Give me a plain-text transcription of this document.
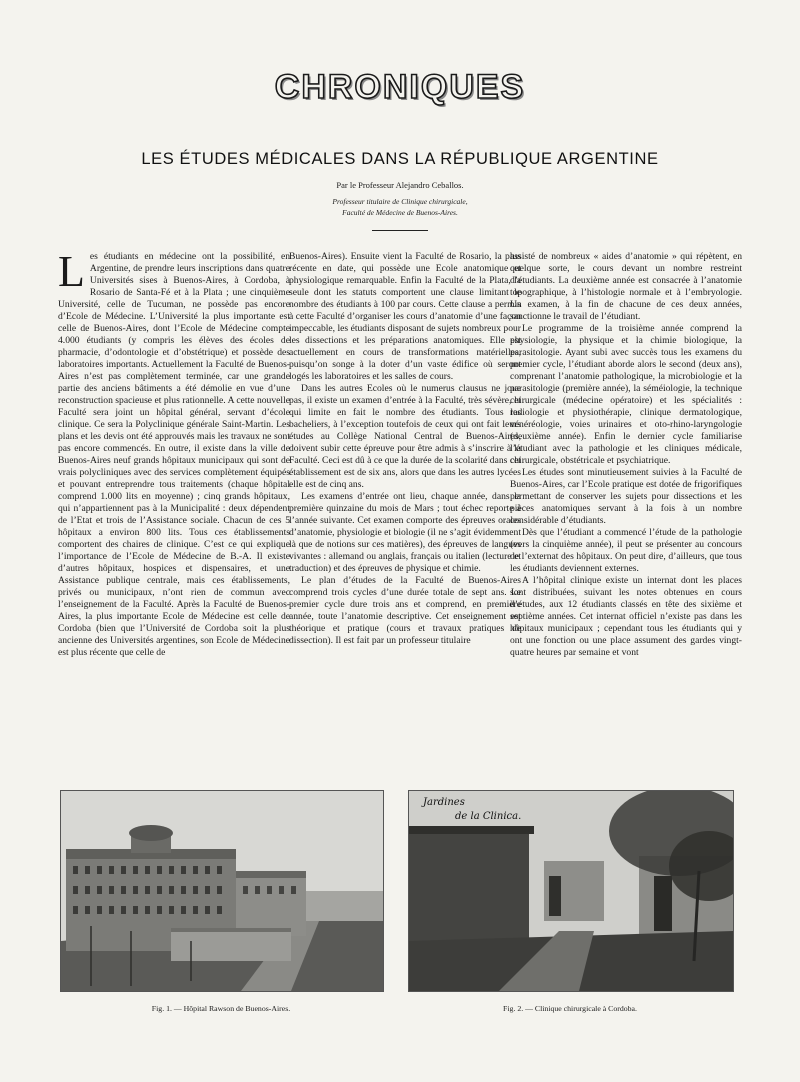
CHRONIQUES
LES ÉTUDES MÉDICALES DANS LA RÉPUBLIQUE ARGENTINE
Par le Professeur Alejandro Ceballos.
Professeur titulaire de Clinique chirurgicale,
Faculté de Médecine de Buenos-Aires.

L es étudiants en médecine ont la possibilité, en Argentine, de prendre leurs inscriptions dans quatre Universités sises à Buenos-Aires, à Cordoba, à Rosario de Santa-Fé et à la Plata ; une cinquième Université, celle de Tucuman, ne possède pas encore d’Ecole de Médecine. L’Université la plus importante est celle de Buenos-Aires, dont l’Ecole de Médecine compte 4.000 étudiants (y compris les élèves des écoles de pharmacie, d’odontologie et d’obstétrique) et possède des laboratoires importants. Actuellement la Faculté de Buenos-Aires n’est pas complètement terminée, car une grande partie des anciens bâtiments a été démolie en vue d’une reconstruction spacieuse et plus rationnelle. A cette nouvelle Faculté sera joint un hôpital général, servant d’école clinique. Ce sera la Polyclinique générale Saint-Martin. Les plans et les devis ont été approuvés mais les travaux ne sont pas encore commencés. En outre, il existe dans la ville de Buenos-Aires neuf grands hôpitaux municipaux qui sont de vrais polycliniques avec des services complètement équipés et pouvant entreprendre tous traitements (chaque hôpital comprend 1.000 lits en moyenne) ; cinq grands hôpitaux, qui n’appartiennent pas à la Municipalité : deux dépendent de l’Etat et trois de l’Assistance sociale. Chacun de ces 5 hôpitaux a environ 800 lits. Tous ces établissements comportent des chaires de clinique. C’est ce qui explique l’importance de l’Ecole de Médecine de B.-A. Il existe d’autres hôpitaux, hospices et dispensaires, et une Assistance publique centrale, mais ces établissements, privés ou municipaux, n’ont rien de commun avec l’enseignement de la Faculté. Après la Faculté de Buenos-Aires, la plus importante Ecole de Médecine est celle de Cordoba (bien que l’Université de Cordoba soit la plus ancienne des Universités argentines, son Ecole de Médecine est plus récente que celle de

Buenos-Aires). Ensuite vient la Faculté de Rosario, la plus récente en date, qui possède une Ecole anatomique et physiologique remarquable. Enfin la Faculté de la Plata, la seule dont les statuts comportent une clause limitant le nombre des étudiants à 100 par cours. Cette clause a permis à cette Faculté d’organiser les cours d’anatomie d’une façon impeccable, les étudiants disposant de sujets nombreux pour les dissections et les préparations anatomiques. Elle est actuellement en cours de transformations matérielles, puisqu’on songe à la doter d’un vaste édifice où seront logés les laboratoires et les salles de cours.

Dans les autres Ecoles où le numerus clausus ne joue pas, il existe un examen d’entrée à la Faculté, très sévère, et qui limite en fait le nombre des étudiants. Tous les bacheliers, à l’exception toutefois de ceux qui ont fait leurs études au Collège National Central de Buenos-Aires, doivent subir cette épreuve pour être admis à s’inscrire à la Faculté. Ceci est dû à ce que la durée de la scolarité dans cet établissement est de six ans, alors que dans les autres lycées elle est de cinq ans.

Les examens d’entrée ont lieu, chaque année, dans la première quinzaine du mois de Mars ; tout échec reporte à l’année suivante. Cet examen comporte des épreuves orales d’anatomie, physiologie et biologie (il ne s’agit évidemment là que de notions sur ces matières), des épreuves de langues vivantes : allemand ou anglais, français ou italien (lecture et traduction) et des épreuves de physique et chimie.

Le plan d’études de la Faculté de Buenos-Aires comprend trois cycles d’une durée totale de sept ans. Le premier cycle dure trois ans et comprend, en première année, toute l’anatomie descriptive. Cet enseignement est théorique et pratique (cours et travaux pratiques de dissection). Il est fait par un professeur titulaire

assisté de nombreux « aides d’anatomie » qui répètent, en quelque sorte, le cours devant un nombre restreint d’étudiants. La deuxième année est consacrée à l’anatomie topographique, à l’histologie normale et à l’embryologie. Un examen, à la fin de chacune de ces deux années, sanctionne le travail de l’étudiant.

Le programme de la troisième année comprend la physiologie, la physique et la chimie biologique, la parasitologie. Ayant subi avec succès tous les examens du premier cycle, l’étudiant aborde alors le second (deux ans), comprenant l’anatomie pathologique, la microbiologie et la parasitologie (première année), la séméiologie, la technique chirurgicale (médecine opératoire) et les spécialités : radiologie et physiothérapie, clinique dermatologique, vénéréologie, voies urinaires et oto-rhino-laryngologie (deuxième année). Enfin le dernier cycle familiarise l’étudiant avec la pathologie et les cliniques médicale, chirurgicale, obstétricale et psychiatrique.

Les études sont minutieusement suivies à la Faculté de Buenos-Aires, car l’Ecole pratique est dotée de frigorifiques permettant de conserver les sujets pour dissections et les pièces anatomiques servant à la fois à un nombre considérable d’étudiants.

Dès que l’étudiant a commencé l’étude de la pathologie (vers la cinquième année), il peut se présenter au concours de l’externat des hôpitaux. On peut dire, d’ailleurs, que tous les étudiants deviennent externes.

A l’hôpital clinique existe un internat dont les places sont distribuées, suivant les notes obtenues en cours d’études, aux 12 étudiants classés en tête des sixième et septième années. Cet internat officiel n’existe pas dans les hôpitaux municipaux ; cependant tous les étudiants qui y ont une fonction ou une place assument des gardes vingt-quatre heures par semaine et vont

Jardines
de la Clinica.
Fig. 1. — Hôpital Rawson de Buenos-Aires.	Fig. 2. — Clinique chirurgicale à Cordoba.
